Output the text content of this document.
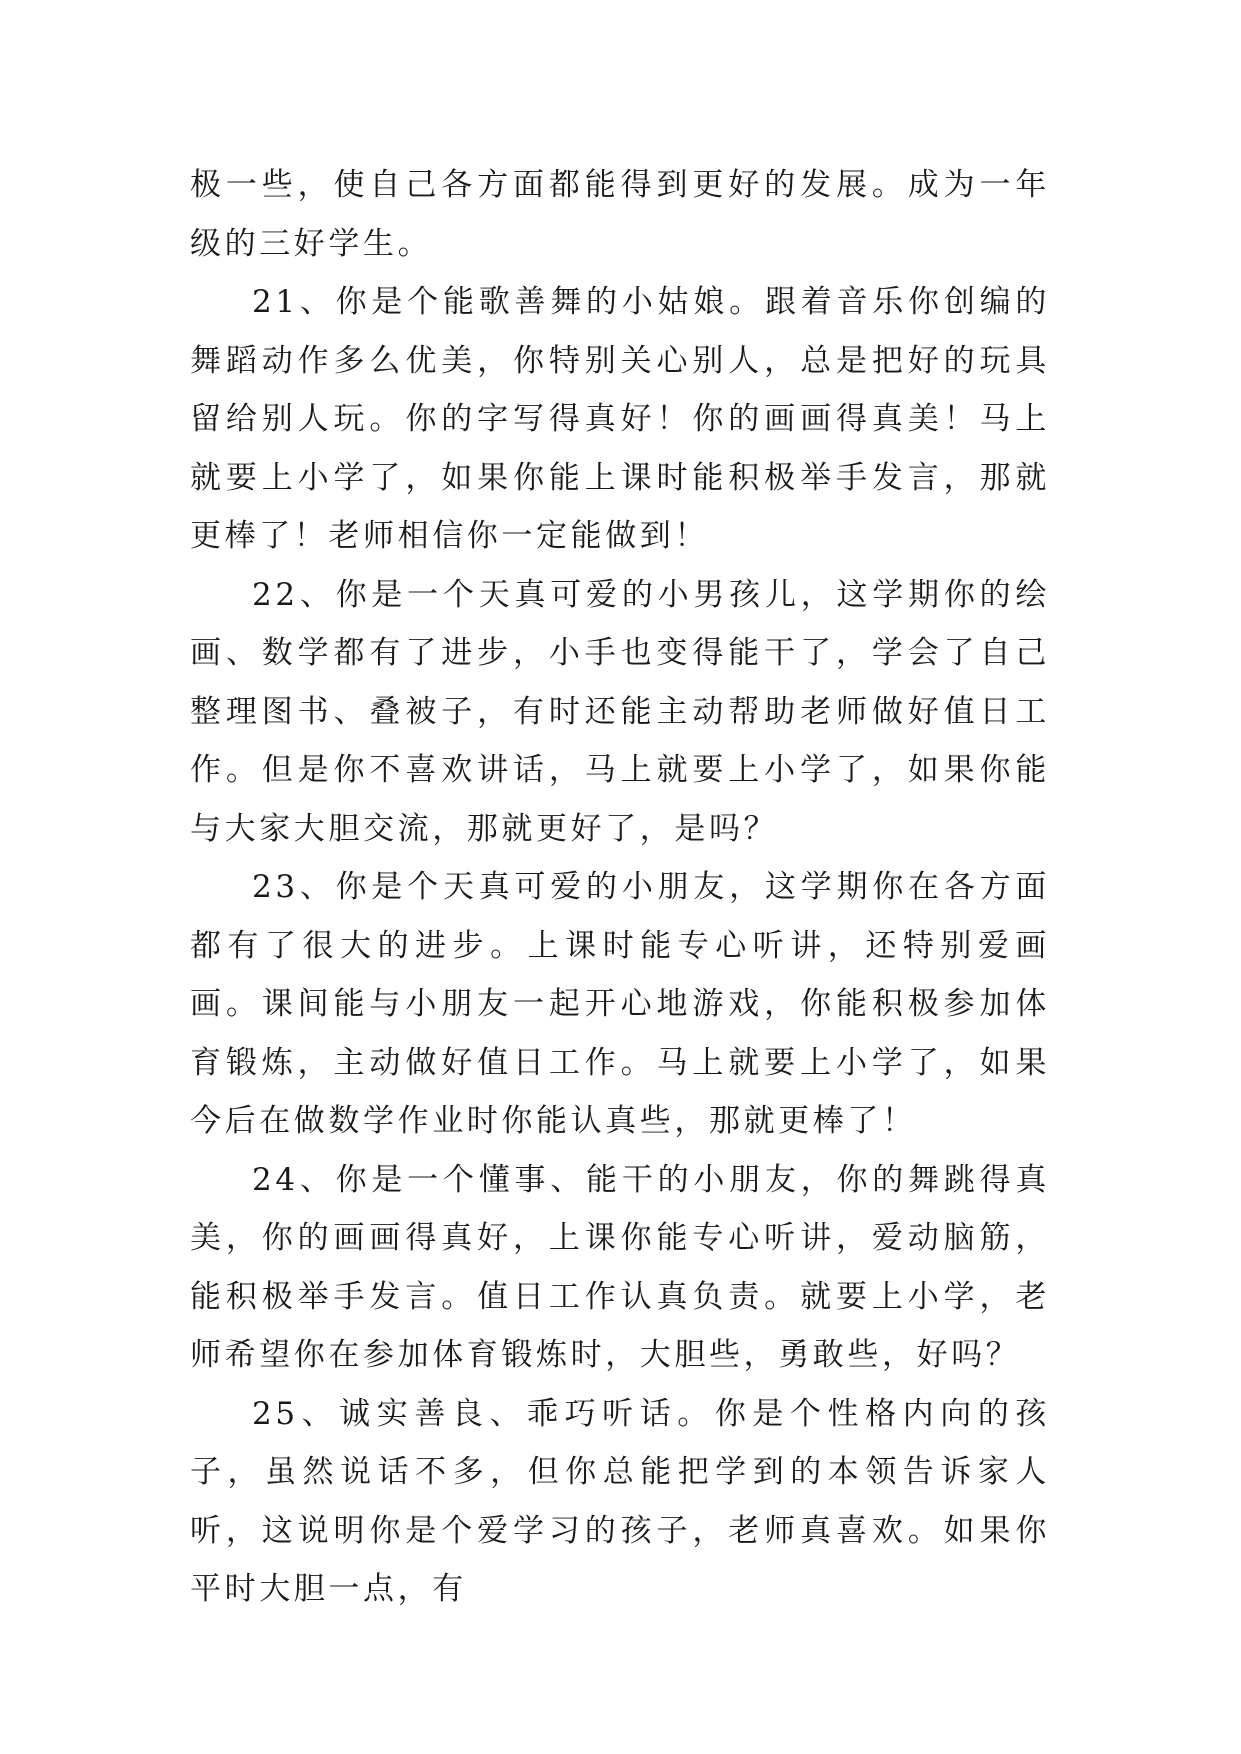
极一些，使自己各方面都能得到更好的发展。成为一年级的三好学生。

21、你是个能歌善舞的小姑娘。跟着音乐你创编的舞蹈动作多么优美，你特别关心别人，总是把好的玩具留给别人玩。你的字写得真好！你的画画得真美！马上就要上小学了，如果你能上课时能积极举手发言，那就更棒了！老师相信你一定能做到！

22、你是一个天真可爱的小男孩儿，这学期你的绘画、数学都有了进步，小手也变得能干了，学会了自己整理图书、叠被子，有时还能主动帮助老师做好值日工作。但是你不喜欢讲话，马上就要上小学了，如果你能与大家大胆交流，那就更好了，是吗？

23、你是个天真可爱的小朋友，这学期你在各方面都有了很大的进步。上课时能专心听讲，还特别爱画画。课间能与小朋友一起开心地游戏，你能积极参加体育锻炼，主动做好值日工作。马上就要上小学了，如果今后在做数学作业时你能认真些，那就更棒了！

24、你是一个懂事、能干的小朋友，你的舞跳得真美，你的画画得真好，上课你能专心听讲，爱动脑筋，能积极举手发言。值日工作认真负责。就要上小学，老师希望你在参加体育锻炼时，大胆些，勇敢些，好吗？

25、诚实善良、乖巧听话。你是个性格内向的孩子，虽然说话不多，但你总能把学到的本领告诉家人听，这说明你是个爱学习的孩子，老师真喜欢。如果你平时大胆一点，有
